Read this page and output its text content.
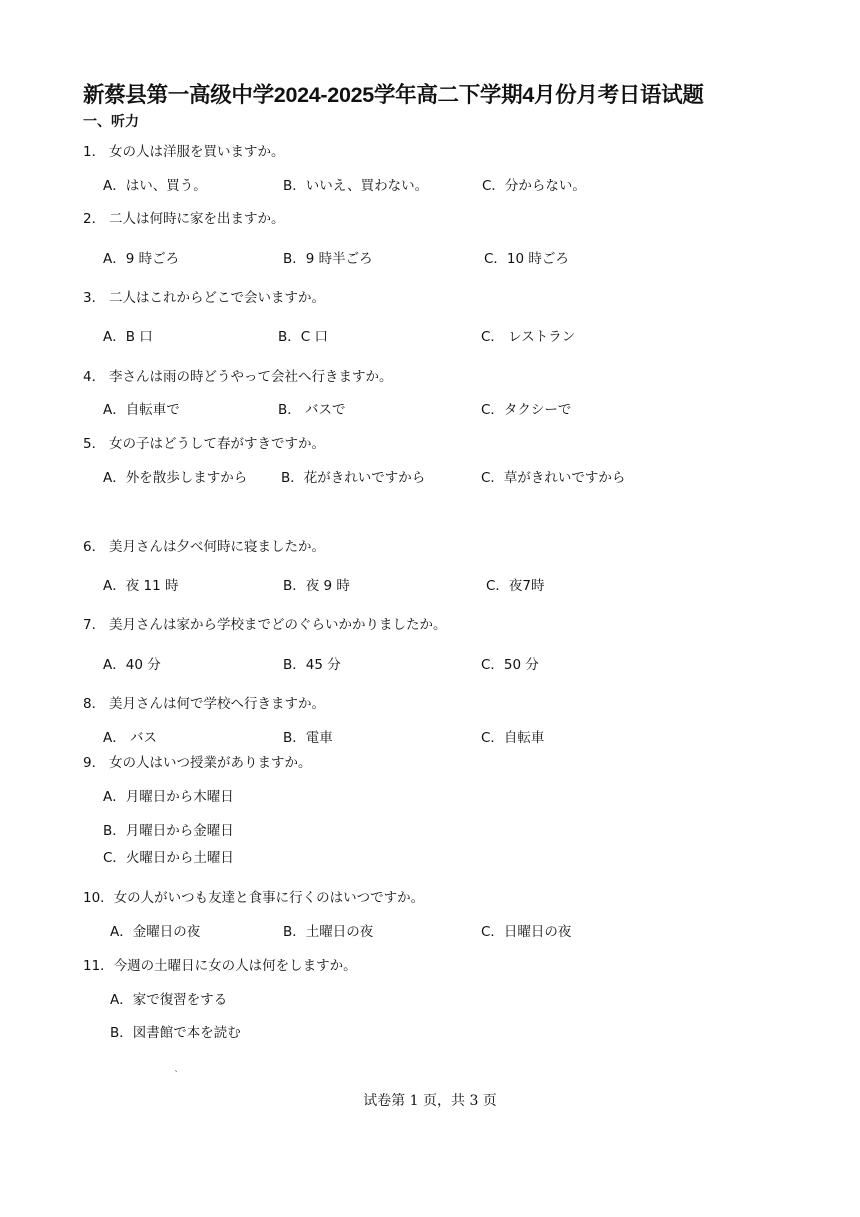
新蔡县第一高级中学2024-2025学年高二下学期4月份月考日语试题
一、听力
1． 女の人は洋服を買いますか。
A．はい、買う。	B．いいえ、買わない。	C．分からない。
2． 二人は何時に家を出ますか。
A．9 時ごろ	B．9 時半ごろ	C．10 時ごろ
3． 二人はこれからどこで会いますか。
A．B 口	B．C 口	C． レストラン
4． 李さんは雨の時どうやって会社へ行きますか。
A．自転車で	B． バスで	C．タクシーで
5． 女の子はどうして春がすきですか。
A．外を散歩しますから	B．花がきれいですから	C．草がきれいですから
6． 美月さんは夕べ何時に寝ましたか。
A．夜 11 時	B．夜 9 時	C．夜7時
7． 美月さんは家から学校までどのぐらいかかりましたか。
A．40 分	B．45 分	C．50 分
8． 美月さんは何で学校へ行きますか。
A． バス	B．電車	C．自転車
9． 女の人はいつ授業がありますか。
A．月曜日から木曜日
B．月曜日から金曜日
C．火曜日から土曜日
10．女の人がいつも友達と食事に行くのはいつですか。
A．金曜日の夜	B．土曜日の夜	C．日曜日の夜
11．今週の土曜日に女の人は何をしますか。
A．家で復習をする
B．図書館で本を読む
`
试卷第 1 页，共 3 页
